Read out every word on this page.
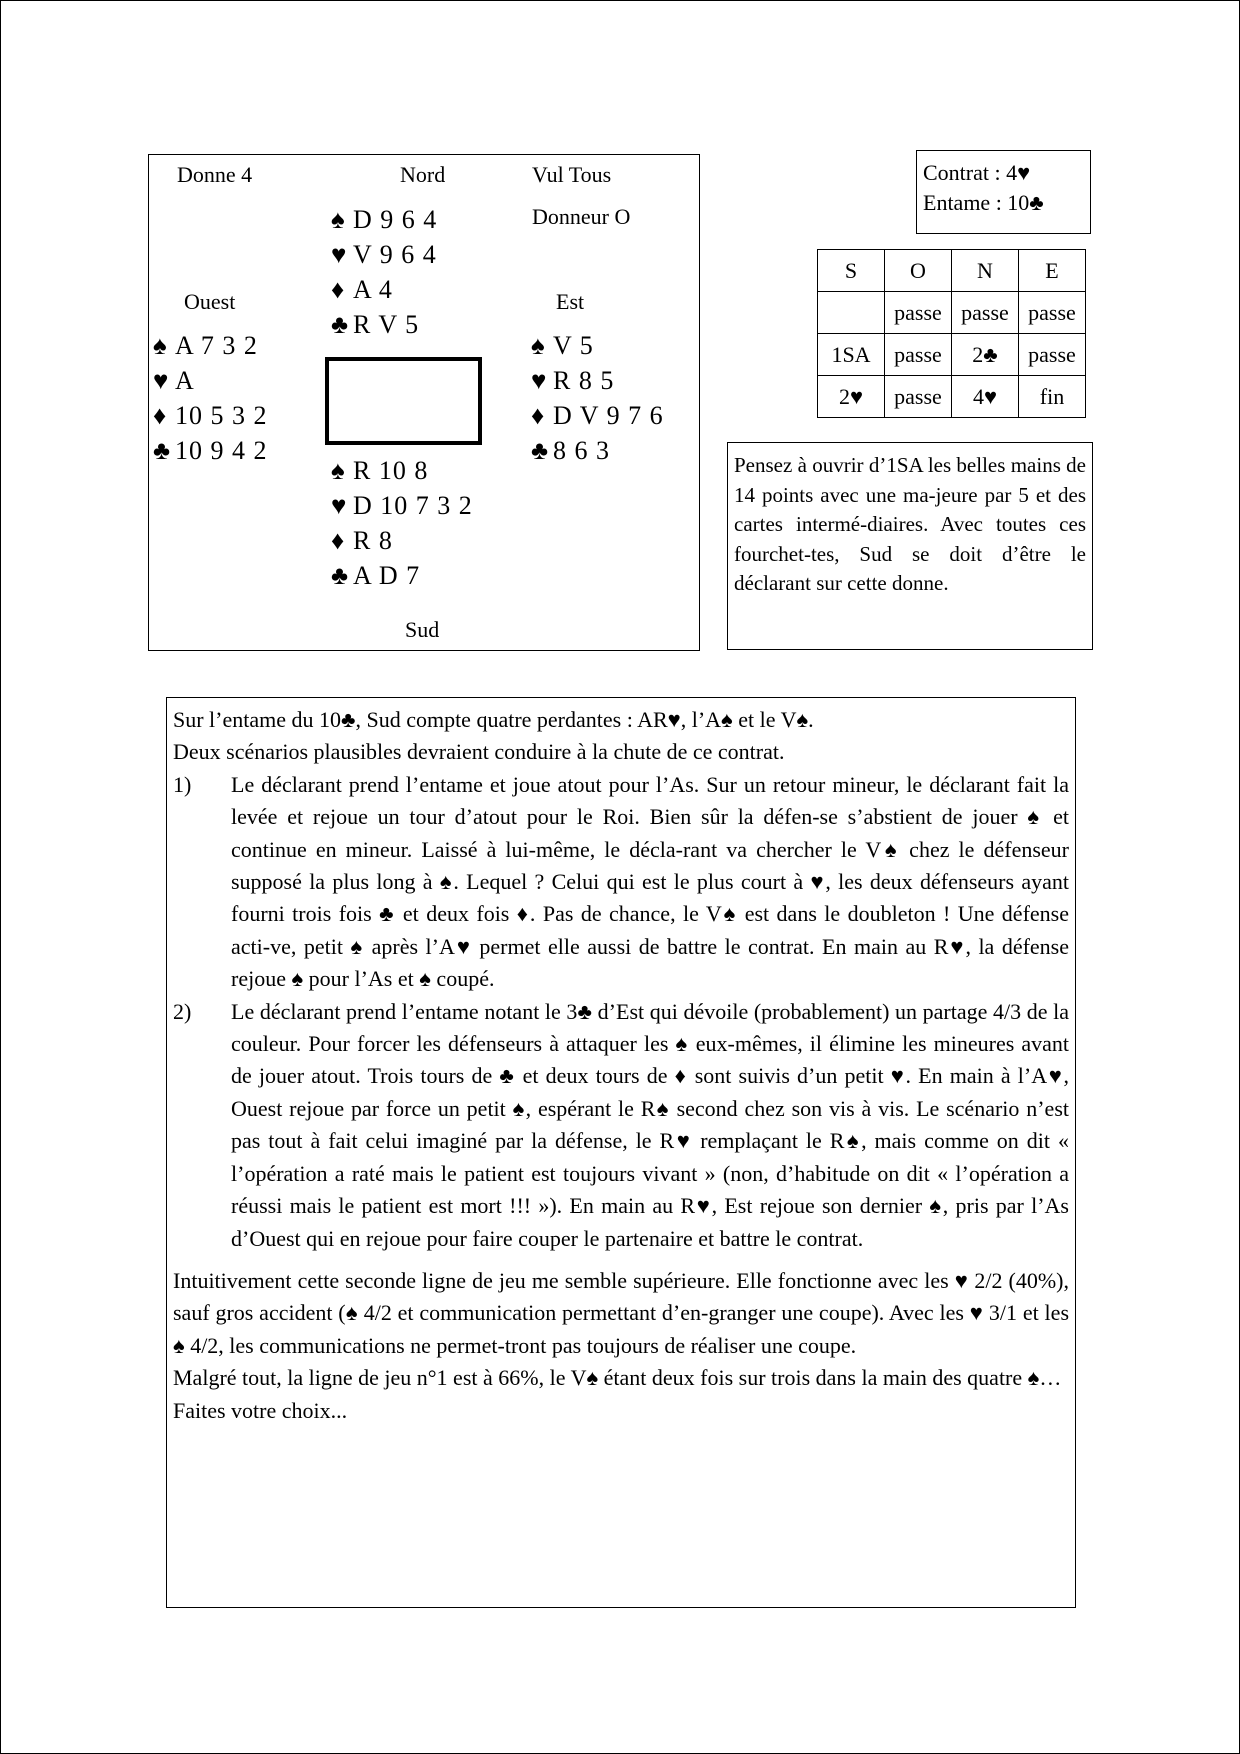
Donne 4	Nord	Vul Tous
Donneur O
Ouest	Est
Sud
♠ D 9 6 4
♥ V 9 6 4
♦ A 4
♣ R V 5
♠ A 7 3 2
♥ A
♦ 10 5 3 2
♣ 10 9 4 2
♠ V 5
♥ R 8 5
♦ D V 9 7 6
♣ 8 6 3
♠ R 10 8
♥ D 10 7 3 2
♦ R 8
♣ A D 7
Contrat : 4♥
Entame : 10♣
S	O	N	E
	passe	passe	passe
1SA	passe	2♣	passe
2♥	passe	4♥	fin
Pensez à ouvrir d’1SA les belles mains de 14 points avec une ma-jeure par 5 et des cartes intermé-diaires. Avec toutes ces fourchet-tes, Sud se doit d’être le déclarant sur cette donne.

Sur l’entame du 10♣, Sud compte quatre perdantes : AR♥, l’A♠ et le V♠.

Deux scénarios plausibles devraient conduire à la chute de ce contrat.

1)	Le déclarant prend l’entame et joue atout pour l’As. Sur un retour mineur, le déclarant fait la levée et rejoue un tour d’atout pour le Roi. Bien sûr la défen-se s’abstient de jouer ♠ et continue en mineur. Laissé à lui-même, le décla-rant va chercher le V♠ chez le défenseur supposé la plus long à ♠. Lequel ? Celui qui est le plus court à ♥, les deux défenseurs ayant fourni trois fois ♣ et deux fois ♦. Pas de chance, le V♠ est dans le doubleton ! Une défense acti-ve, petit ♠ après l’A♥ permet elle aussi de battre le contrat. En main au R♥, la défense rejoue ♠ pour l’As et ♠ coupé.
2)	Le déclarant prend l’entame notant le 3♣ d’Est qui dévoile (probablement) un partage 4/3 de la couleur. Pour forcer les défenseurs à attaquer les ♠ eux-mêmes, il élimine les mineures avant de jouer atout. Trois tours de ♣ et deux tours de ♦ sont suivis d’un petit ♥. En main à l’A♥, Ouest rejoue par force un petit ♠, espérant le R♠ second chez son vis à vis. Le scénario n’est pas tout à fait celui imaginé par la défense, le R♥ remplaçant le R♠, mais comme on dit « l’opération a raté mais le patient est toujours vivant » (non, d’habitude on dit « l’opération a réussi mais le patient est mort !!! »). En main au R♥, Est rejoue son dernier ♠, pris par l’As d’Ouest qui en rejoue pour faire couper le partenaire et battre le contrat.

Intuitivement cette seconde ligne de jeu me semble supérieure. Elle fonctionne avec les ♥ 2/2 (40%), sauf gros accident (♠ 4/2 et communication permettant d’en-granger une coupe). Avec les ♥ 3/1 et les ♠ 4/2, les communications ne permet-tront pas toujours de réaliser une coupe.

Malgré tout, la ligne de jeu n°1 est à 66%, le V♠ étant deux fois sur trois dans la main des quatre ♠…

Faites votre choix...
